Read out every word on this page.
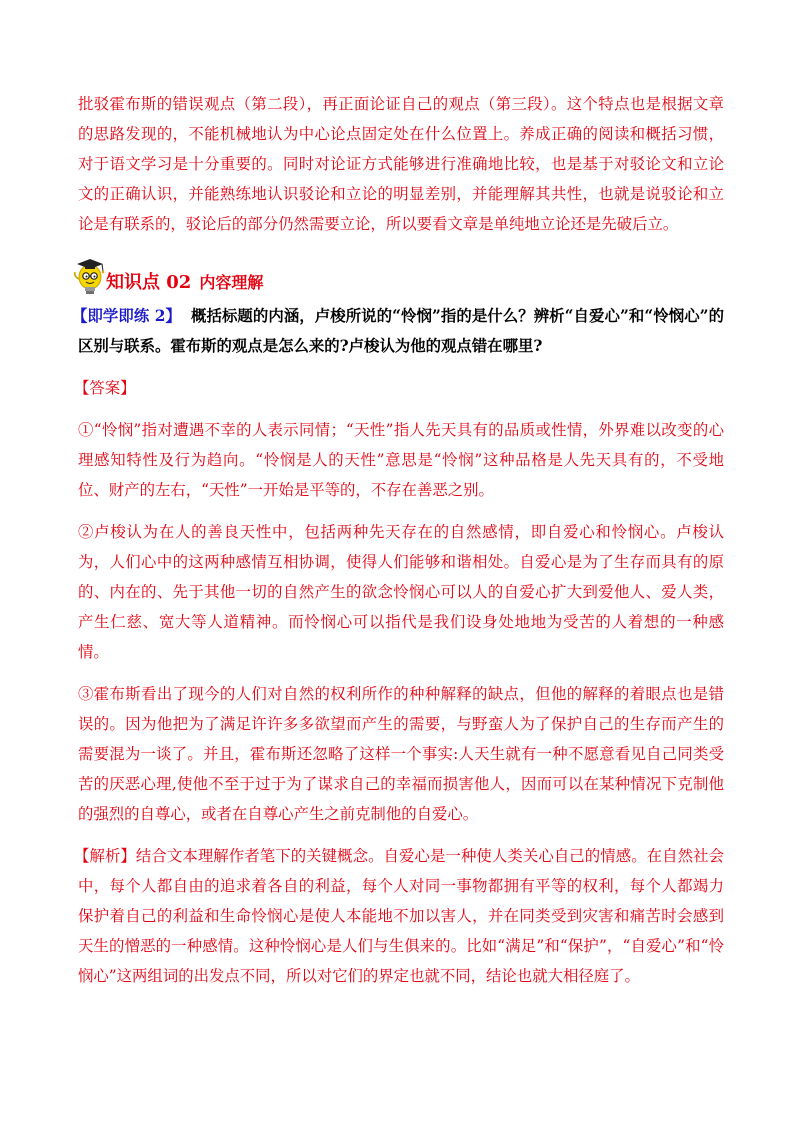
批驳霍布斯的错误观点（第二段），再正面论证自己的观点（第三段）。这个特点也是根据文章的思路发现的，不能机械地认为中心论点固定处在什么位置上。养成正确的阅读和概括习惯，对于语文学习是十分重要的。同时对论证方式能够进行准确地比较，也是基于对驳论文和立论文的正确认识，并能熟练地认识驳论和立论的明显差别，并能理解其共性，也就是说驳论和立论是有联系的，驳论后的部分仍然需要立论，所以要看文章是单纯地立论还是先破后立。

知识点 02 内容理解

【即学即练 2】 概括标题的内涵，卢梭所说的“怜悯”指的是什么？辨析“自爱心”和“怜悯心”的区别与联系。霍布斯的观点是怎么来的?卢梭认为他的观点错在哪里?

【答案】

①“怜悯”指对遭遇不幸的人表示同情；“天性”指人先天具有的品质或性情，外界难以改变的心理感知特性及行为趋向。“怜悯是人的天性”意思是“怜悯”这种品格是人先天具有的，不受地位、财产的左右，“天性”一开始是平等的，不存在善恶之别。

②卢梭认为在人的善良天性中，包括两种先天存在的自然感情，即自爱心和怜悯心。卢梭认为，人们心中的这两种感情互相协调，使得人们能够和谐相处。自爱心是为了生存而具有的原的、内在的、先于其他一切的自然产生的欲念怜悯心可以人的自爱心扩大到爱他人、爱人类，产生仁慈、宽大等人道精神。而怜悯心可以指代是我们设身处地地为受苦的人着想的一种感情。

③霍布斯看出了现今的人们对自然的权利所作的种种解释的缺点，但他的解释的着眼点也是错误的。因为他把为了满足许许多多欲望而产生的需要，与野蛮人为了保护自己的生存而产生的需要混为一谈了。并且，霍布斯还忽略了这样一个事实:人天生就有一种不愿意看见自己同类受苦的厌恶心理,使他不至于过于为了谋求自己的幸福而损害他人，因而可以在某种情况下克制他的强烈的自尊心，或者在自尊心产生之前克制他的自爱心。

【解析】结合文本理解作者笔下的关键概念。自爱心是一种使人类关心自己的情感。在自然社会中，每个人都自由的追求着各自的利益，每个人对同一事物都拥有平等的权利，每个人都竭力保护着自己的利益和生命怜悯心是使人本能地不加以害人，并在同类受到灾害和痛苦时会感到天生的憎恶的一种感情。这种怜悯心是人们与生俱来的。比如“满足”和“保护”，“自爱心”和“怜悯心”这两组词的出发点不同，所以对它们的界定也就不同，结论也就大相径庭了。
